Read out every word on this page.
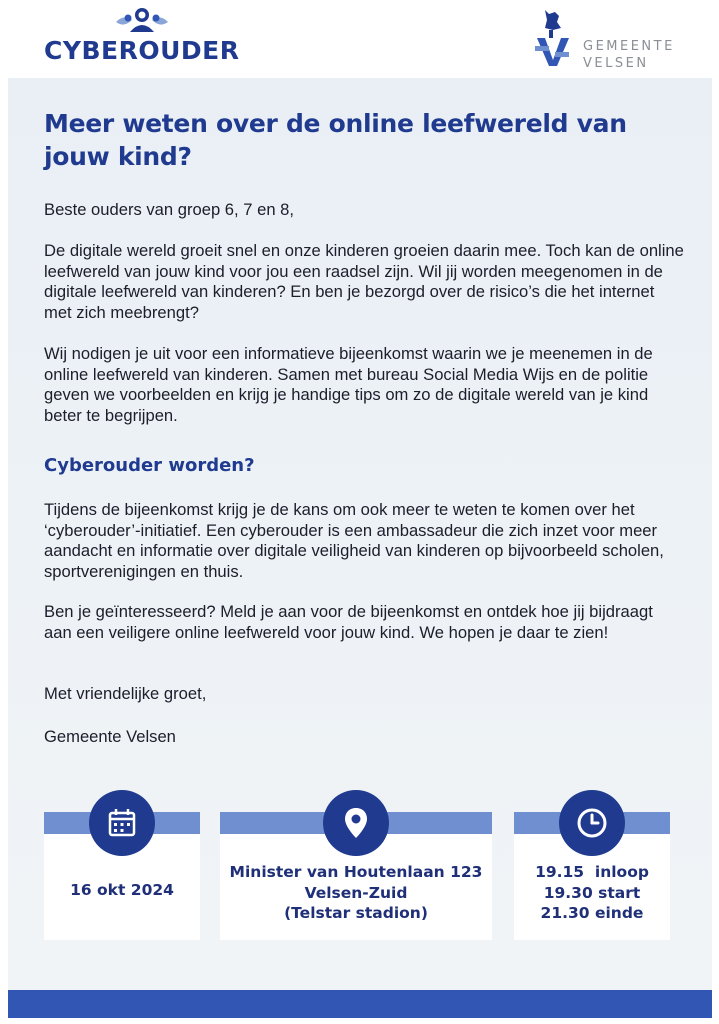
CYBEROUDER	GEMEENTE
VELSEN
Meer weten over de online leefwereld van jouw kind?

Beste ouders van groep 6, 7 en 8,

De digitale wereld groeit snel en onze kinderen groeien daarin mee. Toch kan de online leefwereld van jouw kind voor jou een raadsel zijn. Wil jij worden meegenomen in de digitale leefwereld van kinderen? En ben je bezorgd over de risico’s die het internet met zich meebrengt?

Wij nodigen je uit voor een informatieve bijeenkomst waarin we je meenemen in de online leefwereld van kinderen. Samen met bureau Social Media Wijs en de politie geven we voorbeelden en krijg je handige tips om zo de digitale wereld van je kind beter te begrijpen.

Cyberouder worden?

Tijdens de bijeenkomst krijg je de kans om ook meer te weten te komen over het ‘cyberouder’-initiatief. Een cyberouder is een ambassadeur die zich inzet voor meer aandacht en informatie over digitale veiligheid van kinderen op bijvoorbeeld scholen, sportverenigingen en thuis.

Ben je geïnteresseerd? Meld je aan voor de bijeenkomst en ontdek hoe jij bijdraagt aan een veiligere online leefwereld voor jouw kind. We hopen je daar te zien!

Met vriendelijke groet,

Gemeente Velsen

16 okt 2024
Minister van Houtenlaan 123
Velsen-Zuid
(Telstar stadion)
19.15  inloop
19.30 start
21.30 einde
